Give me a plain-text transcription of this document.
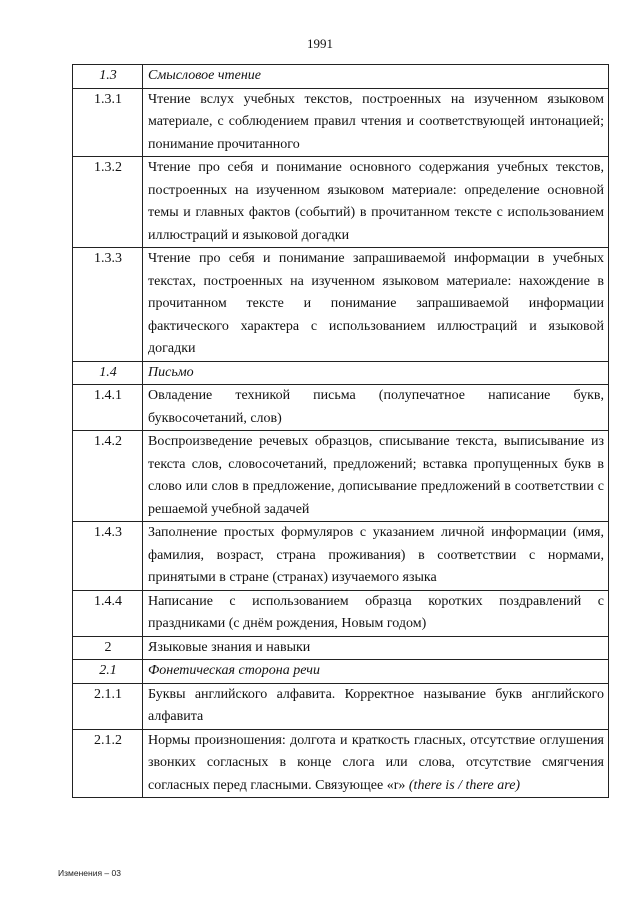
1991
1.3	Смысловое чтение
1.3.1	Чтение вслух учебных текстов, построенных на изученном языковом материале, с соблюдением правил чтения и соответствующей интонацией; понимание прочитанного
1.3.2	Чтение про себя и понимание основного содержания учебных текстов, построенных на изученном языковом материале: определение основной темы и главных фактов (событий) в прочитанном тексте с использованием иллюстраций и языковой догадки
1.3.3	Чтение про себя и понимание запрашиваемой информации в учебных текстах, построенных на изученном языковом материале: нахождение в прочитанном тексте и понимание запрашиваемой информации фактического характера с использованием иллюстраций и языковой догадки
1.4	Письмо
1.4.1	Овладение техникой письма (полупечатное написание букв, буквосочетаний, слов)
1.4.2	Воспроизведение речевых образцов, списывание текста, выписывание из текста слов, словосочетаний, предложений; вставка пропущенных букв в слово или слов в предложение, дописывание предложений в соответствии с решаемой учебной задачей
1.4.3	Заполнение простых формуляров с указанием личной информации (имя, фамилия, возраст, страна проживания) в соответствии с нормами, принятыми в стране (странах) изучаемого языка
1.4.4	Написание с использованием образца коротких поздравлений с праздниками (с днём рождения, Новым годом)
2	Языковые знания и навыки
2.1	Фонетическая сторона речи
2.1.1	Буквы английского алфавита. Корректное называние букв английского алфавита
2.1.2	Нормы произношения: долгота и краткость гласных, отсутствие оглушения звонких согласных в конце слога или слова, отсутствие смягчения согласных перед гласными. Связующее «r» (there is / there are)
Изменения – 03
